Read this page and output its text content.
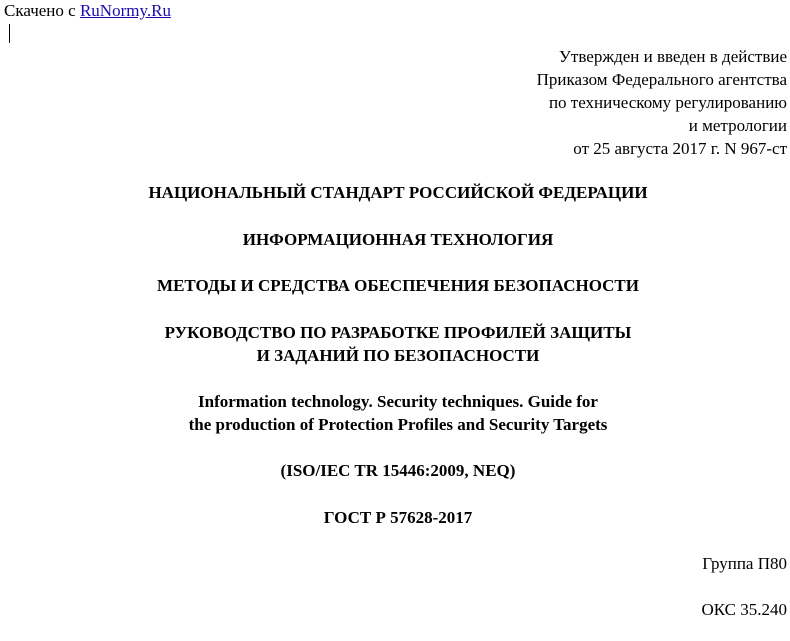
Скачено с RuNormy.Ru
Утвержден и введен в действие
Приказом Федерального агентства
по техническому регулированию
и метрологии
от 25 августа 2017 г. N 967-ст
НАЦИОНАЛЬНЫЙ СТАНДАРТ РОССИЙСКОЙ ФЕДЕРАЦИИ
ИНФОРМАЦИОННАЯ ТЕХНОЛОГИЯ
МЕТОДЫ И СРЕДСТВА ОБЕСПЕЧЕНИЯ БЕЗОПАСНОСТИ
РУКОВОДСТВО ПО РАЗРАБОТКЕ ПРОФИЛЕЙ ЗАЩИТЫ
И ЗАДАНИЙ ПО БЕЗОПАСНОСТИ
Information technology. Security techniques. Guide for
the production of Protection Profiles and Security Targets
(ISO/IEC TR 15446:2009, NEQ)
ГОСТ Р 57628-2017
Группа П80
ОКС 35.240
